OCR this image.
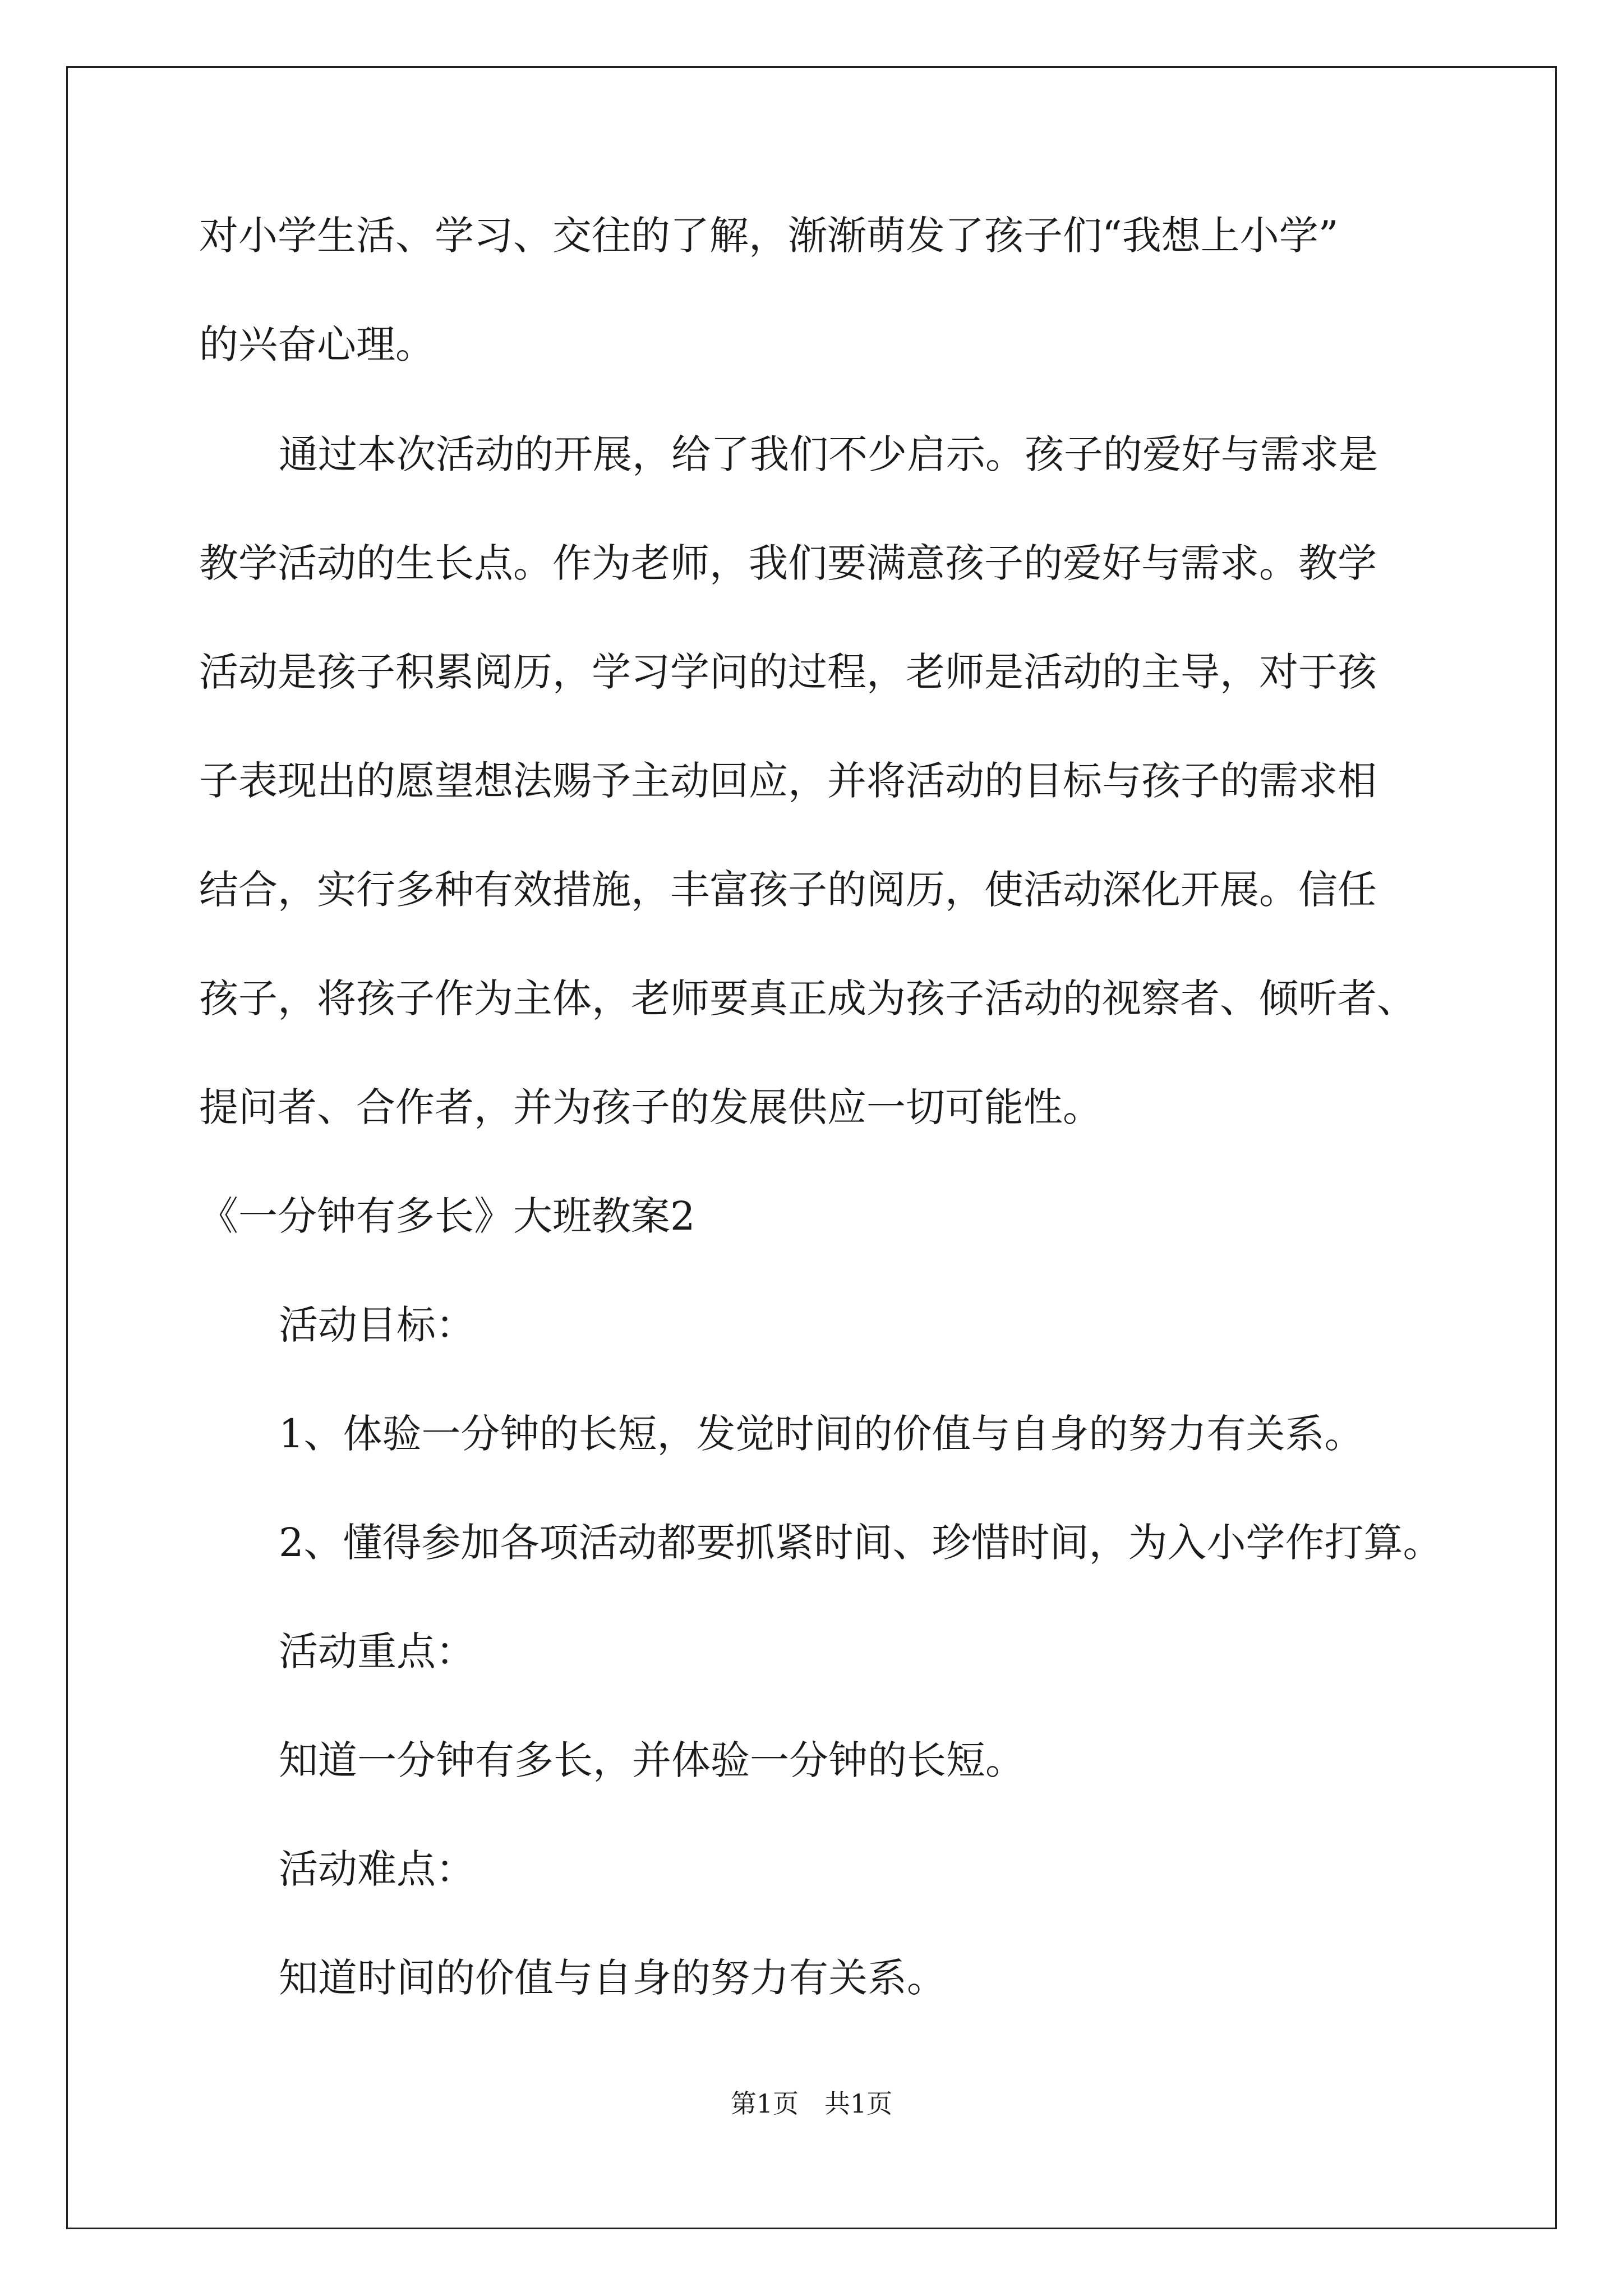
对小学生活、学习、交往的了解，渐渐萌发了孩子们“我想上小学”
的兴奋心理。
通过本次活动的开展，给了我们不少启示。孩子的爱好与需求是
教学活动的生长点。作为老师，我们要满意孩子的爱好与需求。教学
活动是孩子积累阅历，学习学问的过程，老师是活动的主导，对于孩
子表现出的愿望想法赐予主动回应，并将活动的目标与孩子的需求相
结合，实行多种有效措施，丰富孩子的阅历，使活动深化开展。信任
孩子，将孩子作为主体，老师要真正成为孩子活动的视察者、倾听者、
提问者、合作者，并为孩子的发展供应一切可能性。
《一分钟有多长》大班教案2
活动目标：
1、体验一分钟的长短，发觉时间的价值与自身的努力有关系。
2、懂得参加各项活动都要抓紧时间、珍惜时间，为入小学作打算。
活动重点：
知道一分钟有多长，并体验一分钟的长短。
活动难点：
知道时间的价值与自身的努力有关系。
第1页　共1页
